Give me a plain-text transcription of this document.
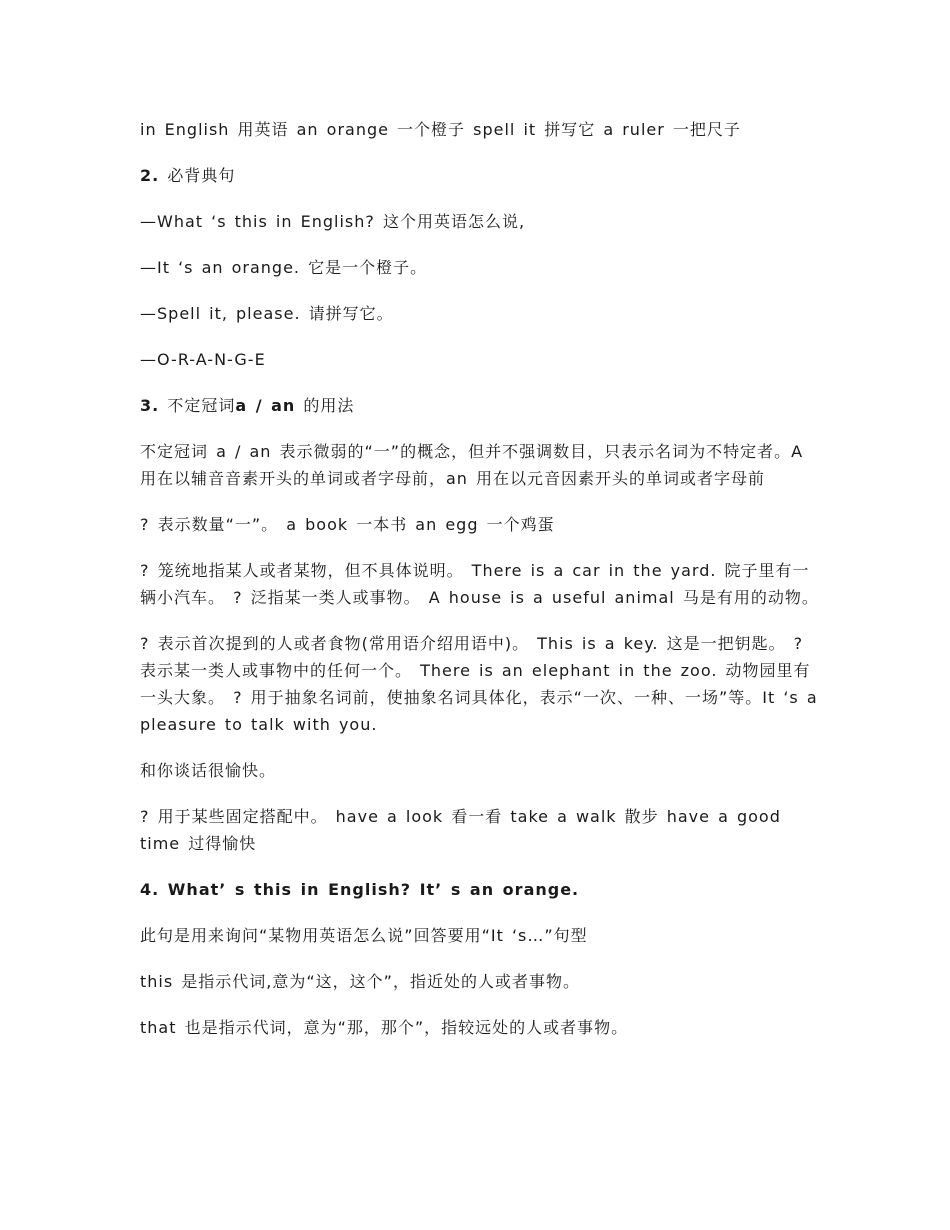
in English 用英语 an orange 一个橙子 spell it 拼写它 a ruler 一把尺子

2. 必背典句

—What ‘s this in English? 这个用英语怎么说,

—It ‘s an orange. 它是一个橙子。

—Spell it, please. 请拼写它。

—O-R-A-N-G-E

3. 不定冠词a / an 的用法

不定冠词 a / an 表示微弱的“一”的概念，但并不强调数目，只表示名词为不特定者。A 用在以辅音音素开头的单词或者字母前，an 用在以元音因素开头的单词或者字母前

? 表示数量“一”。 a book 一本书 an egg 一个鸡蛋

? 笼统地指某人或者某物，但不具体说明。 There is a car in the yard. 院子里有一辆小汽车。 ? 泛指某一类人或事物。 A house is a useful animal 马是有用的动物。

? 表示首次提到的人或者食物(常用语介绍用语中)。 This is a key. 这是一把钥匙。 ? 表示某一类人或事物中的任何一个。 There is an elephant in the zoo. 动物园里有一头大象。 ? 用于抽象名词前，使抽象名词具体化，表示“一次、一种、一场”等。It ‘s a pleasure to talk with you.

和你谈话很愉快。

? 用于某些固定搭配中。 have a look 看一看 take a walk 散步 have a good time 过得愉快

4. What’ s this in English? It’ s an orange.

此句是用来询问“某物用英语怎么说”回答要用“It ‘s…”句型

this 是指示代词,意为“这，这个”，指近处的人或者事物。

that 也是指示代词，意为“那，那个”，指较远处的人或者事物。
